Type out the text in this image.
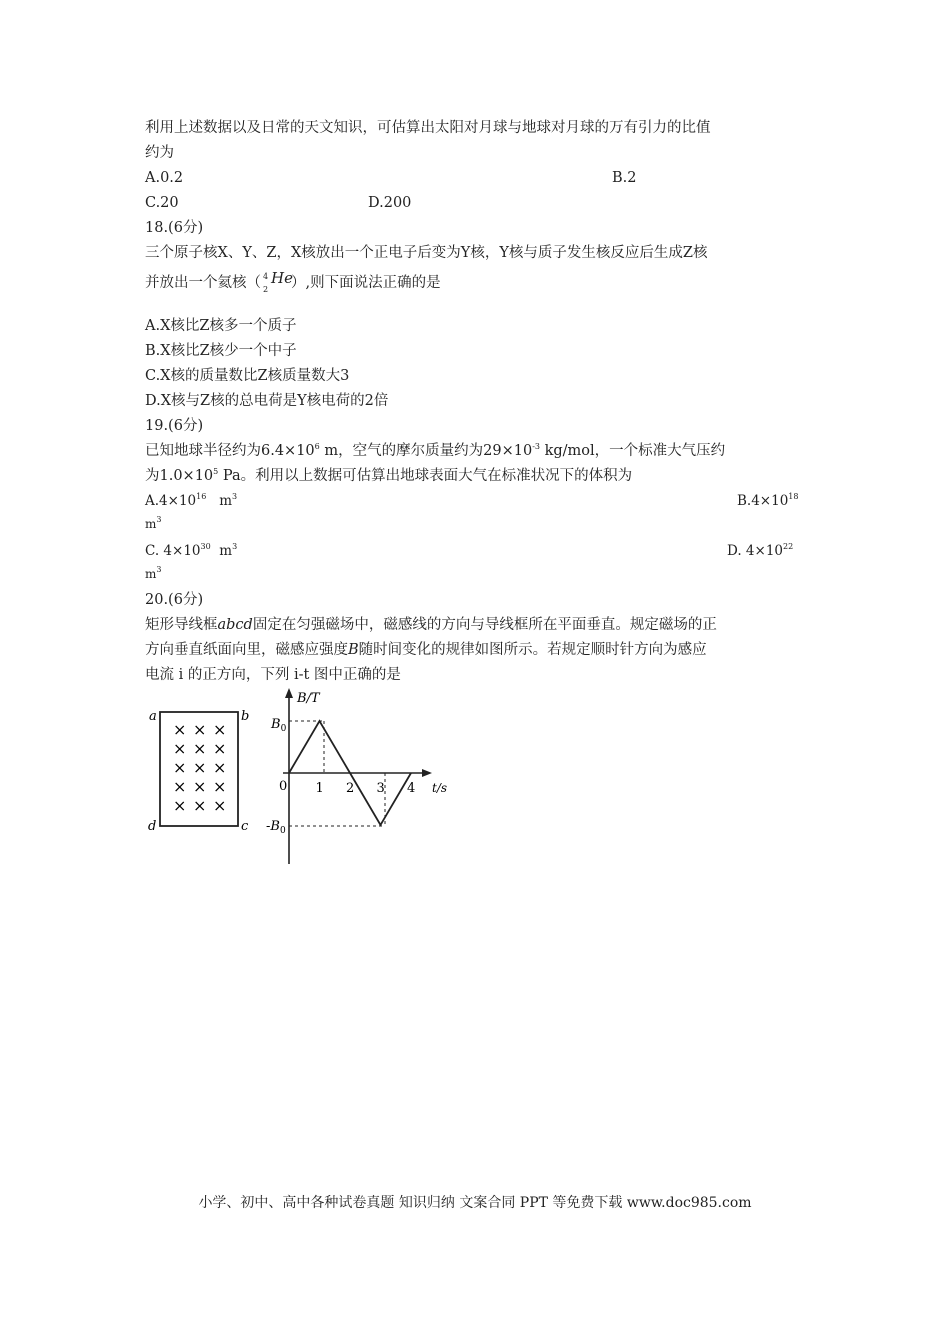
利用上述数据以及日常的天文知识，可估算出太阳对月球与地球对月球的万有引力的比值
约为
A.0.2	B.2
C.20	D.200
18.(6分)
三个原子核X、Y、Z，X核放出一个正电子后变为Y核，Y核与质子发生核反应后生成Z核
并放出一个氦核（ 4
2
He
）,则下面说法正确的是
A.X核比Z核多一个质子
B.X核比Z核少一个中子
C.X核的质量数比Z核质量数大3
D.X核与Z核的总电荷是Y核电荷的2倍
19.(6分)
已知地球半径约为$6.4\times 10^6$ m，空气的摩尔质量约为$29\times 10^{-3}$ kg/mol，一个标准大气压约
为$1.0\times 10^5$ Pa。利用以上数据可估算出地球表面大气在标准状况下的体积为
$A.4\times 10^{16}$ $m^3$	$B.4\times 10^{18}$
$m^3$
C. $4\times 10^{30}$ $m^3$	D. $4\times 10^{22}$
$m^3$
20.(6分)
矩形导线框abcd固定在匀强磁场中，磁感线的方向与导线框所在平面垂直。规定磁场的正
方向垂直纸面向里，磁感应强度B随时间变化的规律如图所示。若规定顺时针方向为感应
电流 i 的正方向，下列 i-t 图中正确的是
a	b
d	c
× × ×
× × ×
× × ×
× × ×
× × ×
B/T
t/s
$B_0$
$-B_0$
0 1 2 3 4
小学、初中、高中各种试卷真题 知识归纳 文案合同 PPT 等免费下载 www.doc985.com
